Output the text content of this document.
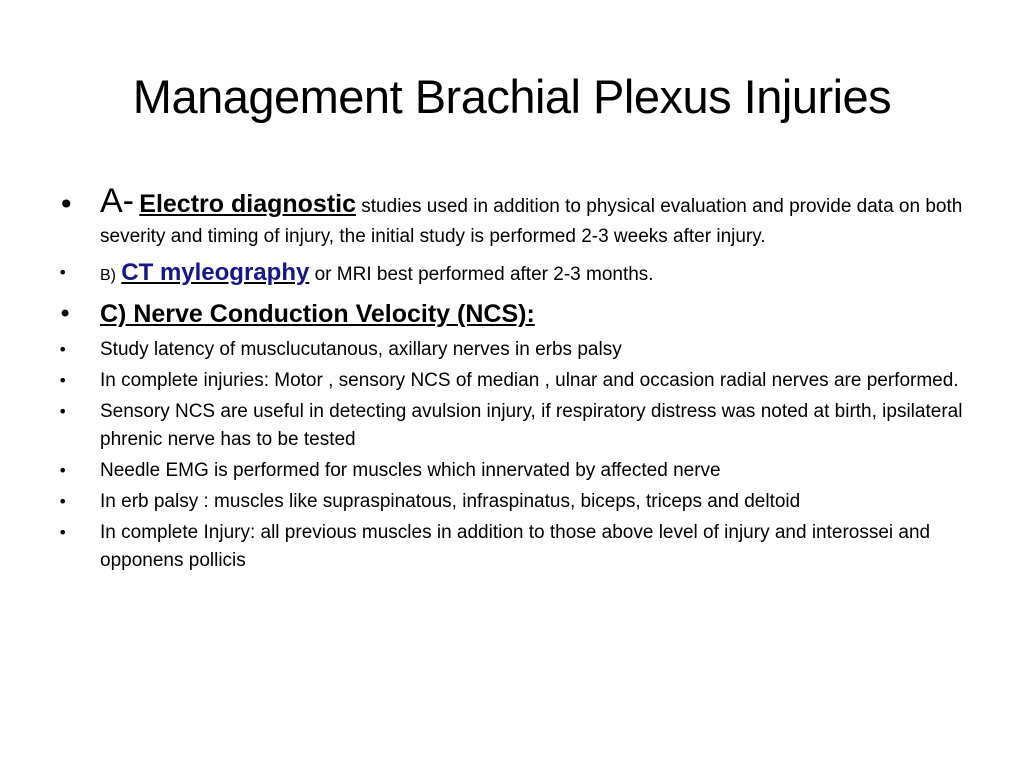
Management Brachial Plexus Injuries
• A- Electro diagnostic studies used in addition to physical evaluation and provide data on both severity and timing of injury, the initial study is performed 2-3 weeks after injury.
• B) CT myleography or MRI best performed after 2-3 months.
• C) Nerve Conduction Velocity (NCS):
• Study latency of musclucutanous, axillary nerves in erbs palsy
• In complete injuries: Motor , sensory NCS of median , ulnar and occasion radial nerves are performed.
• Sensory NCS are useful in detecting avulsion injury, if respiratory distress was noted at birth, ipsilateral phrenic nerve has to be tested
• Needle EMG is performed for muscles which innervated by affected nerve
• In erb palsy : muscles like supraspinatous, infraspinatus, biceps, triceps and deltoid
• In complete Injury: all previous muscles in addition to those above level of injury and interossei and opponens pollicis
